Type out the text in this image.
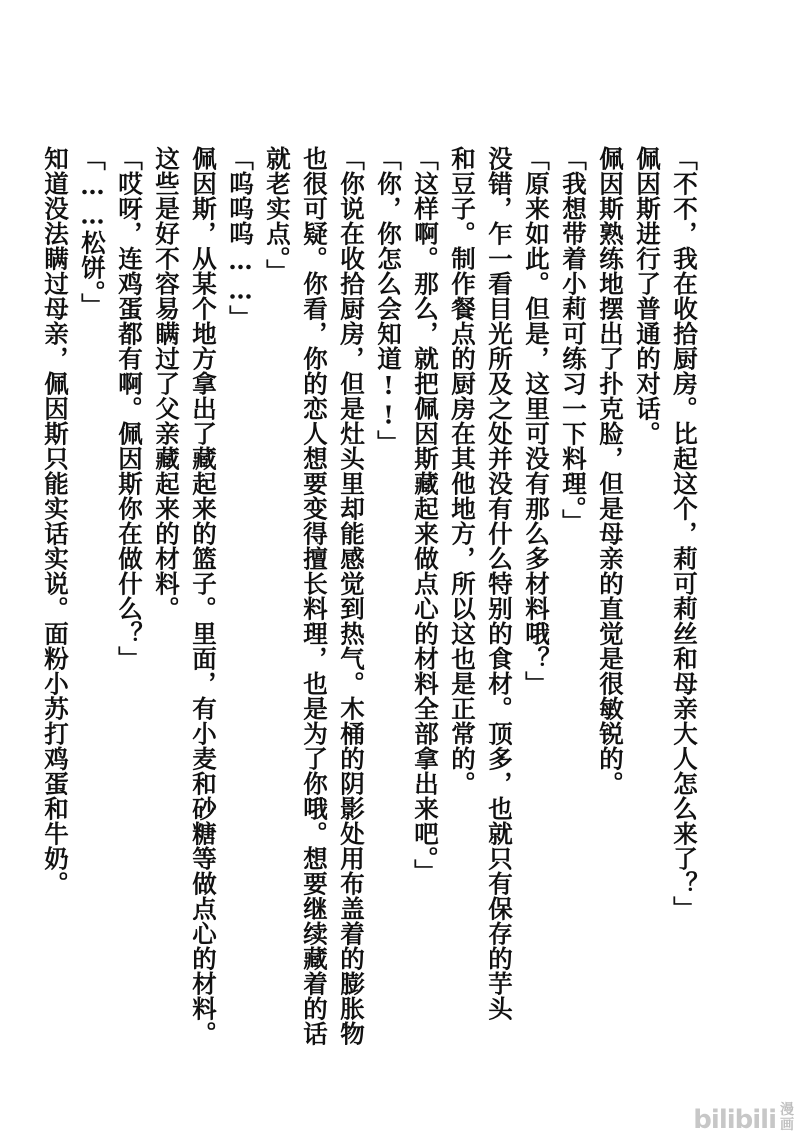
「不不，我在收拾厨房。比起这个，莉可莉丝和母亲大人怎么来了？」
佩因斯进行了普通的对话。
佩因斯熟练地摆出了扑克脸，但是母亲的直觉是很敏锐的。
「我想带着小莉可练习一下料理。」
「原来如此。但是，这里可没有那么多材料哦？」
没错，乍一看目光所及之处并没有什么特别的食材。顶多，也就只有保存的芋头
和豆子。制作餐点的厨房在其他地方，所以这也是正常的。
「这样啊。那么，就把佩因斯藏起来做点心的材料全部拿出来吧。」
「你，你怎么会知道!!」
「你说在收拾厨房，但是灶头里却能感觉到热气。木桶的阴影处用布盖着的膨胀物
也很可疑。你看，你的恋人想要变得擅长料理，也是为了你哦。想要继续藏着的话
就老实点。」
「呜呜呜……」
佩因斯，从某个地方拿出了藏起来的篮子。里面，有小麦和砂糖等做点心的材料。
这些是好不容易瞒过了父亲藏起来的材料。
「哎呀，连鸡蛋都有啊。佩因斯你在做什么？」
「……松饼。」
知道没法瞒过母亲，佩因斯只能实话实说。面粉小苏打鸡蛋和牛奶。
bilibili 漫
画
